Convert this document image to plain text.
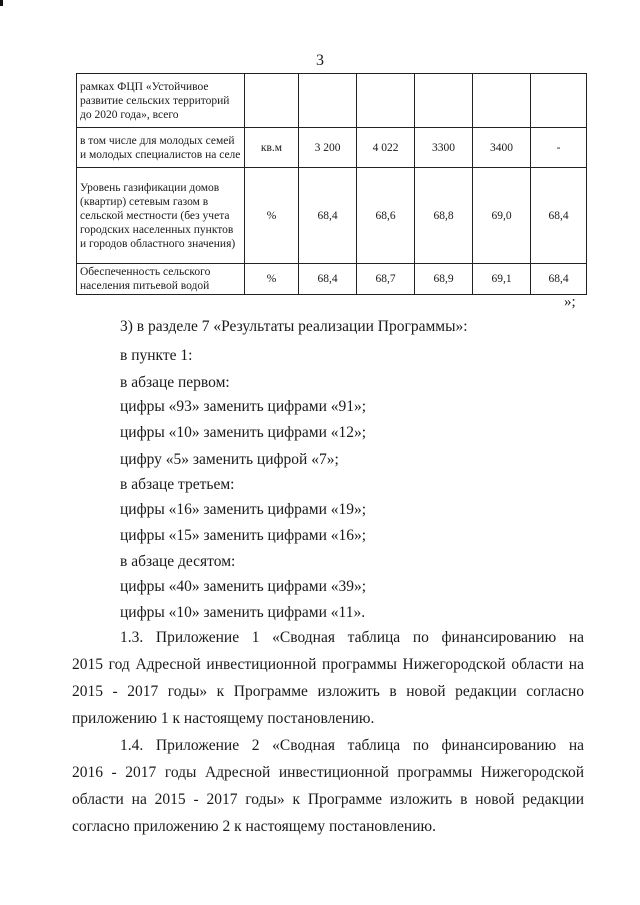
3
рамках ФЦП «Устойчивое развитие сельских территорий до 2020 года», всего						
в том числе для молодых семей и молодых специалистов на селе	кв.м	3 200	4 022	3300	3400	-
Уровень газификации домов (квартир) сетевым газом в сельской местности (без учета городских населенных пунктов и городов областного значения)	%	68,4	68,6	68,8	69,0	68,4
Обеспеченность сельского населения питьевой водой	%	68,4	68,7	68,9	69,1	68,4
»;
3) в разделе 7 «Результаты реализации Программы»:
в пункте 1:
в абзаце первом:
цифры «93» заменить цифрами «91»;
цифры «10» заменить цифрами «12»;
цифру «5» заменить цифрой «7»;
в абзаце третьем:
цифры «16» заменить цифрами «19»;
цифры «15» заменить цифрами «16»;
в абзаце десятом:
цифры «40» заменить цифрами «39»;
цифры «10» заменить цифрами «11».
1.3. Приложение 1 «Сводная таблица по финансированию на
2015 год Адресной инвестиционной программы Нижегородской области на
2015 - 2017 годы» к Программе изложить в новой редакции согласно
приложению 1 к настоящему постановлению.
1.4. Приложение 2 «Сводная таблица по финансированию на
2016 - 2017 годы Адресной инвестиционной программы Нижегородской
области на 2015 - 2017 годы» к Программе изложить в новой редакции
согласно приложению 2 к настоящему постановлению.
